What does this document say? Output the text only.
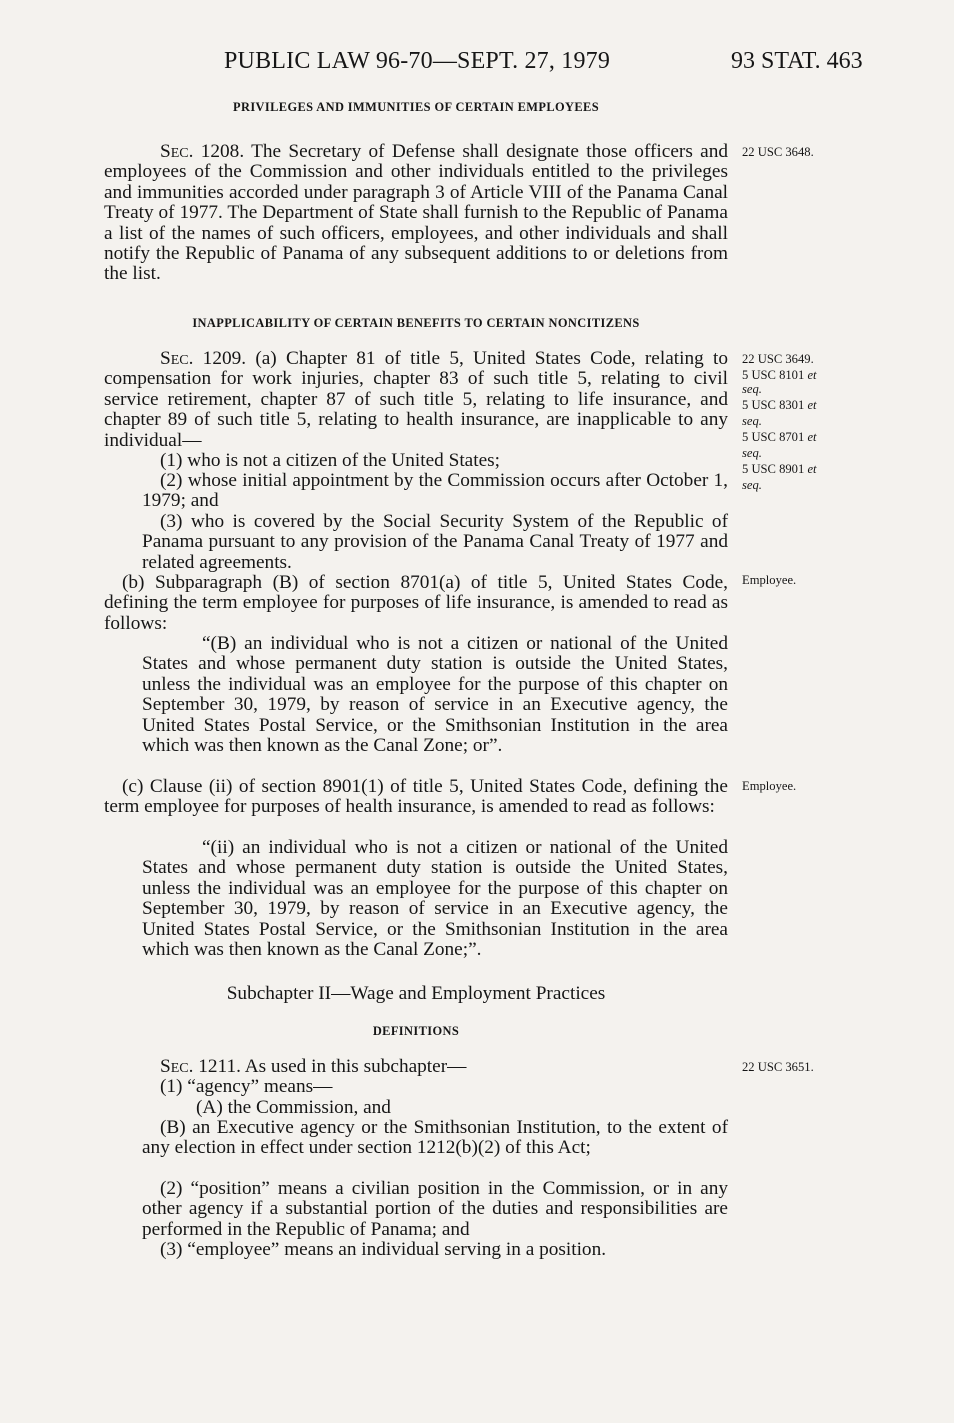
PUBLIC LAW 96-70—SEPT. 27, 1979	93 STAT. 463
PRIVILEGES AND IMMUNITIES OF CERTAIN EMPLOYEES
Sec. 1208. The Secretary of Defense shall designate those officers and employees of the Commission and other individuals entitled to the privileges and immunities accorded under paragraph 3 of Article VIII of the Panama Canal Treaty of 1977. The Department of State shall furnish to the Republic of Panama a list of the names of such officers, employees, and other individuals and shall notify the Republic of Panama of any subsequent additions to or deletions from the list.
22 USC 3648.
INAPPLICABILITY OF CERTAIN BENEFITS TO CERTAIN NONCITIZENS
Sec. 1209. (a) Chapter 81 of title 5, United States Code, relating to compensation for work injuries, chapter 83 of such title 5, relating to civil service retirement, chapter 87 of such title 5, relating to life insurance, and chapter 89 of such title 5, relating to health insurance, are inapplicable to any individual—
(1) who is not a citizen of the United States;
(2) whose initial appointment by the Commission occurs after October 1, 1979; and
(3) who is covered by the Social Security System of the Republic of Panama pursuant to any provision of the Panama Canal Treaty of 1977 and related agreements.
(b) Subparagraph (B) of section 8701(a) of title 5, United States Code, defining the term employee for purposes of life insurance, is amended to read as follows:
“(B) an individual who is not a citizen or national of the United States and whose permanent duty station is outside the United States, unless the individual was an employee for the purpose of this chapter on September 30, 1979, by reason of service in an Executive agency, the United States Postal Service, or the Smithsonian Institution in the area which was then known as the Canal Zone; or”.
(c) Clause (ii) of section 8901(1) of title 5, United States Code, defining the term employee for purposes of health insurance, is amended to read as follows:
“(ii) an individual who is not a citizen or national of the United States and whose permanent duty station is outside the United States, unless the individual was an employee for the purpose of this chapter on September 30, 1979, by reason of service in an Executive agency, the United States Postal Service, or the Smithsonian Institution in the area which was then known as the Canal Zone;”.
22 USC 3649.
5 USC 8101 et
seq.
5 USC 8301 et
seq.
5 USC 8701 et
seq.
5 USC 8901 et
seq.
Employee.
Employee.
Subchapter II—Wage and Employment Practices
DEFINITIONS
Sec. 1211. As used in this subchapter—	22 USC 3651.
(1) “agency” means—
(A) the Commission, and
(B) an Executive agency or the Smithsonian Institution, to the extent of any election in effect under section 1212(b)(2) of this Act;
(2) “position” means a civilian position in the Commission, or in any other agency if a substantial portion of the duties and responsibilities are performed in the Republic of Panama; and
(3) “employee” means an individual serving in a position.
